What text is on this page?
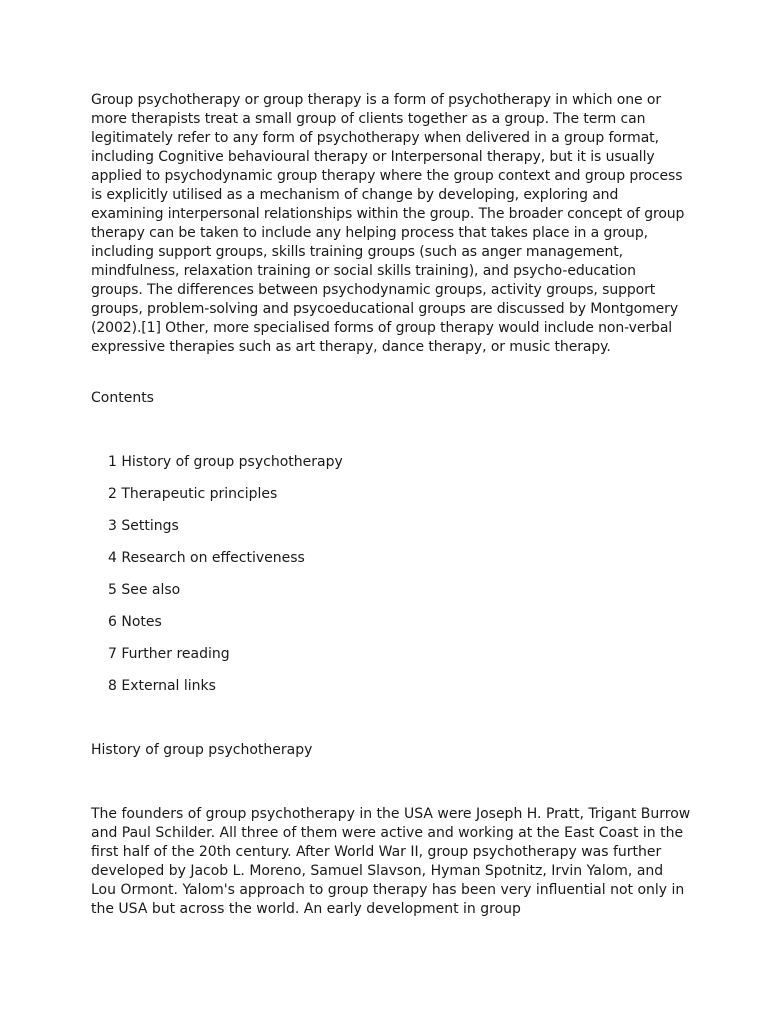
Group psychotherapy or group therapy is a form of psychotherapy in which one or more therapists treat a small group of clients together as a group. The term can legitimately refer to any form of psychotherapy when delivered in a group format, including Cognitive behavioural therapy or Interpersonal therapy, but it is usually applied to psychodynamic group therapy where the group context and group process is explicitly utilised as a mechanism of change by developing, exploring and examining interpersonal relationships within the group. The broader concept of group therapy can be taken to include any helping process that takes place in a group, including support groups, skills training groups (such as anger management, mindfulness, relaxation training or social skills training), and psycho-education groups. The differences between psychodynamic groups, activity groups, support groups, problem-solving and psycoeducational groups are discussed by Montgomery (2002).[1] Other, more specialised forms of group therapy would include non-verbal expressive therapies such as art therapy, dance therapy, or music therapy.

Contents

1 History of group psychotherapy
2 Therapeutic principles
3 Settings
4 Research on effectiveness
5 See also
6 Notes
7 Further reading
8 External links
History of group psychotherapy

The founders of group psychotherapy in the USA were Joseph H. Pratt, Trigant Burrow and Paul Schilder. All three of them were active and working at the East Coast in the first half of the 20th century. After World War II, group psychotherapy was further developed by Jacob L. Moreno, Samuel Slavson, Hyman Spotnitz, Irvin Yalom, and Lou Ormont. Yalom's approach to group therapy has been very influential not only in the USA but across the world. An early development in group
